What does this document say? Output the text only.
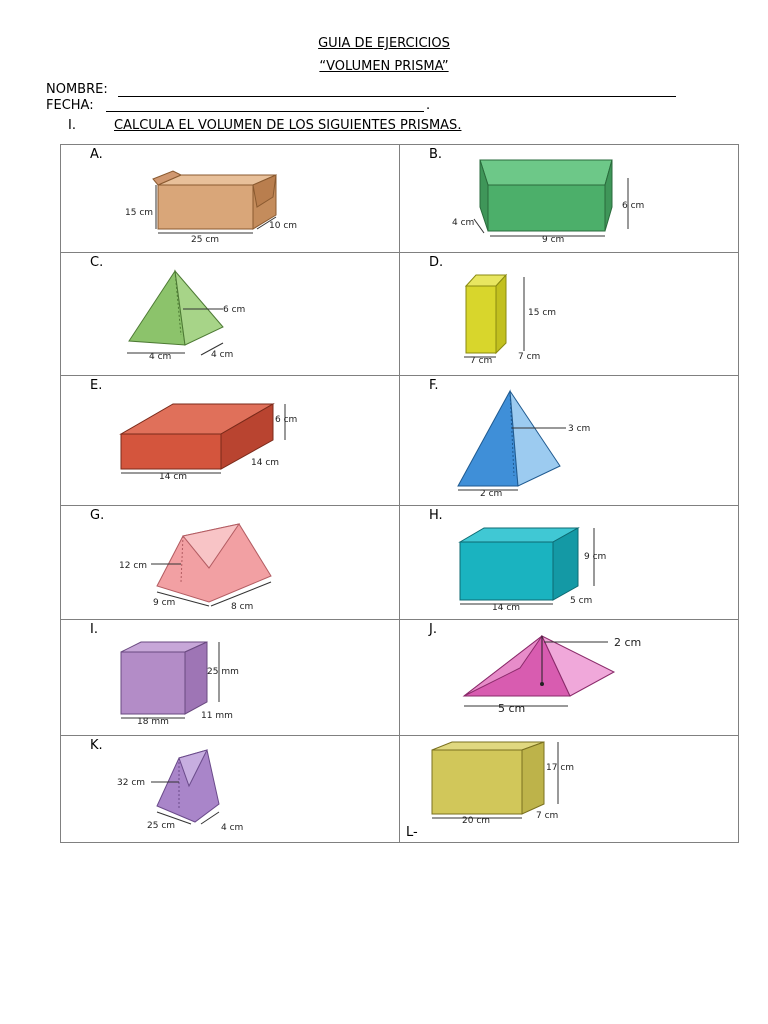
GUIA DE EJERCICIOS
“VOLUMEN PRISMA”
NOMBRE:
FECHA:	.
I.	CALCULA EL VOLUMEN DE LOS SIGUIENTES PRISMAS.
A.
15 cm
25 cm
10 cm	B.
6 cm
4 cm
9 cm

C.
6 cm
4 cm 4 cm	D.
15 cm
7 cm 7 cm

E.
6 cm
14 cm
14 cm	F.
3 cm
2 cm

G.
12 cm
9 cm 8 cm	H.
9 cm
14 cm
5 cm

I.
25 mm
18 mm
11 mm	J.
2 cm
5 cm

K.
32 cm
25 cm 4 cm	17 cm
20 cm 7 cm
L-
